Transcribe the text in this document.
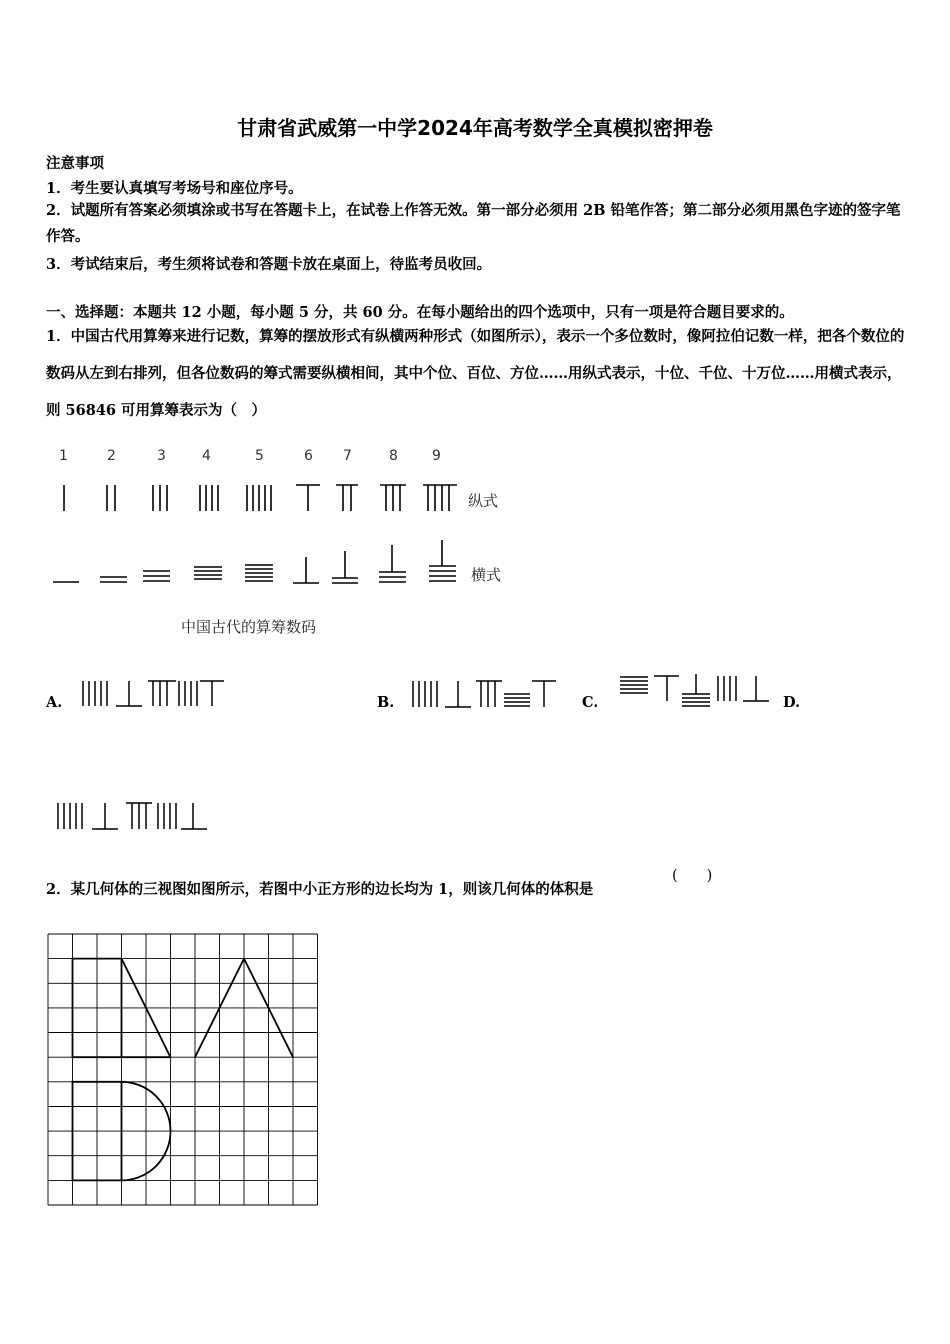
甘肃省武威第一中学2024年高考数学全真模拟密押卷
注意事项
1．考生要认真填写考场号和座位序号。
2．试题所有答案必须填涂或书写在答题卡上，在试卷上作答无效。第一部分必须用 2B 铅笔作答；第二部分必须用黑色字迹的签字笔作答。
3．考试结束后，考生须将试卷和答题卡放在桌面上，待监考员收回。
一、选择题：本题共 12 小题，每小题 5 分，共 60 分。在每小题给出的四个选项中，只有一项是符合题目要求的。
1．中国古代用算筹来进行记数，算筹的摆放形式有纵横两种形式（如图所示），表示一个多位数时，像阿拉伯记数一样，把各个数位的数码从左到右排列，但各位数码的筹式需要纵横相间，其中个位、百位、方位……用纵式表示，十位、千位、十万位……用横式表示，则 56846 可用算筹表示为（　）
1	2	3	4	5	6 7	8 9
纵式
横式
中国古代的算筹数码
A.	B.	C.	D.
2．某几何体的三视图如图所示，若图中小正方形的边长均为 1，则该几何体的体积是
(　　)
